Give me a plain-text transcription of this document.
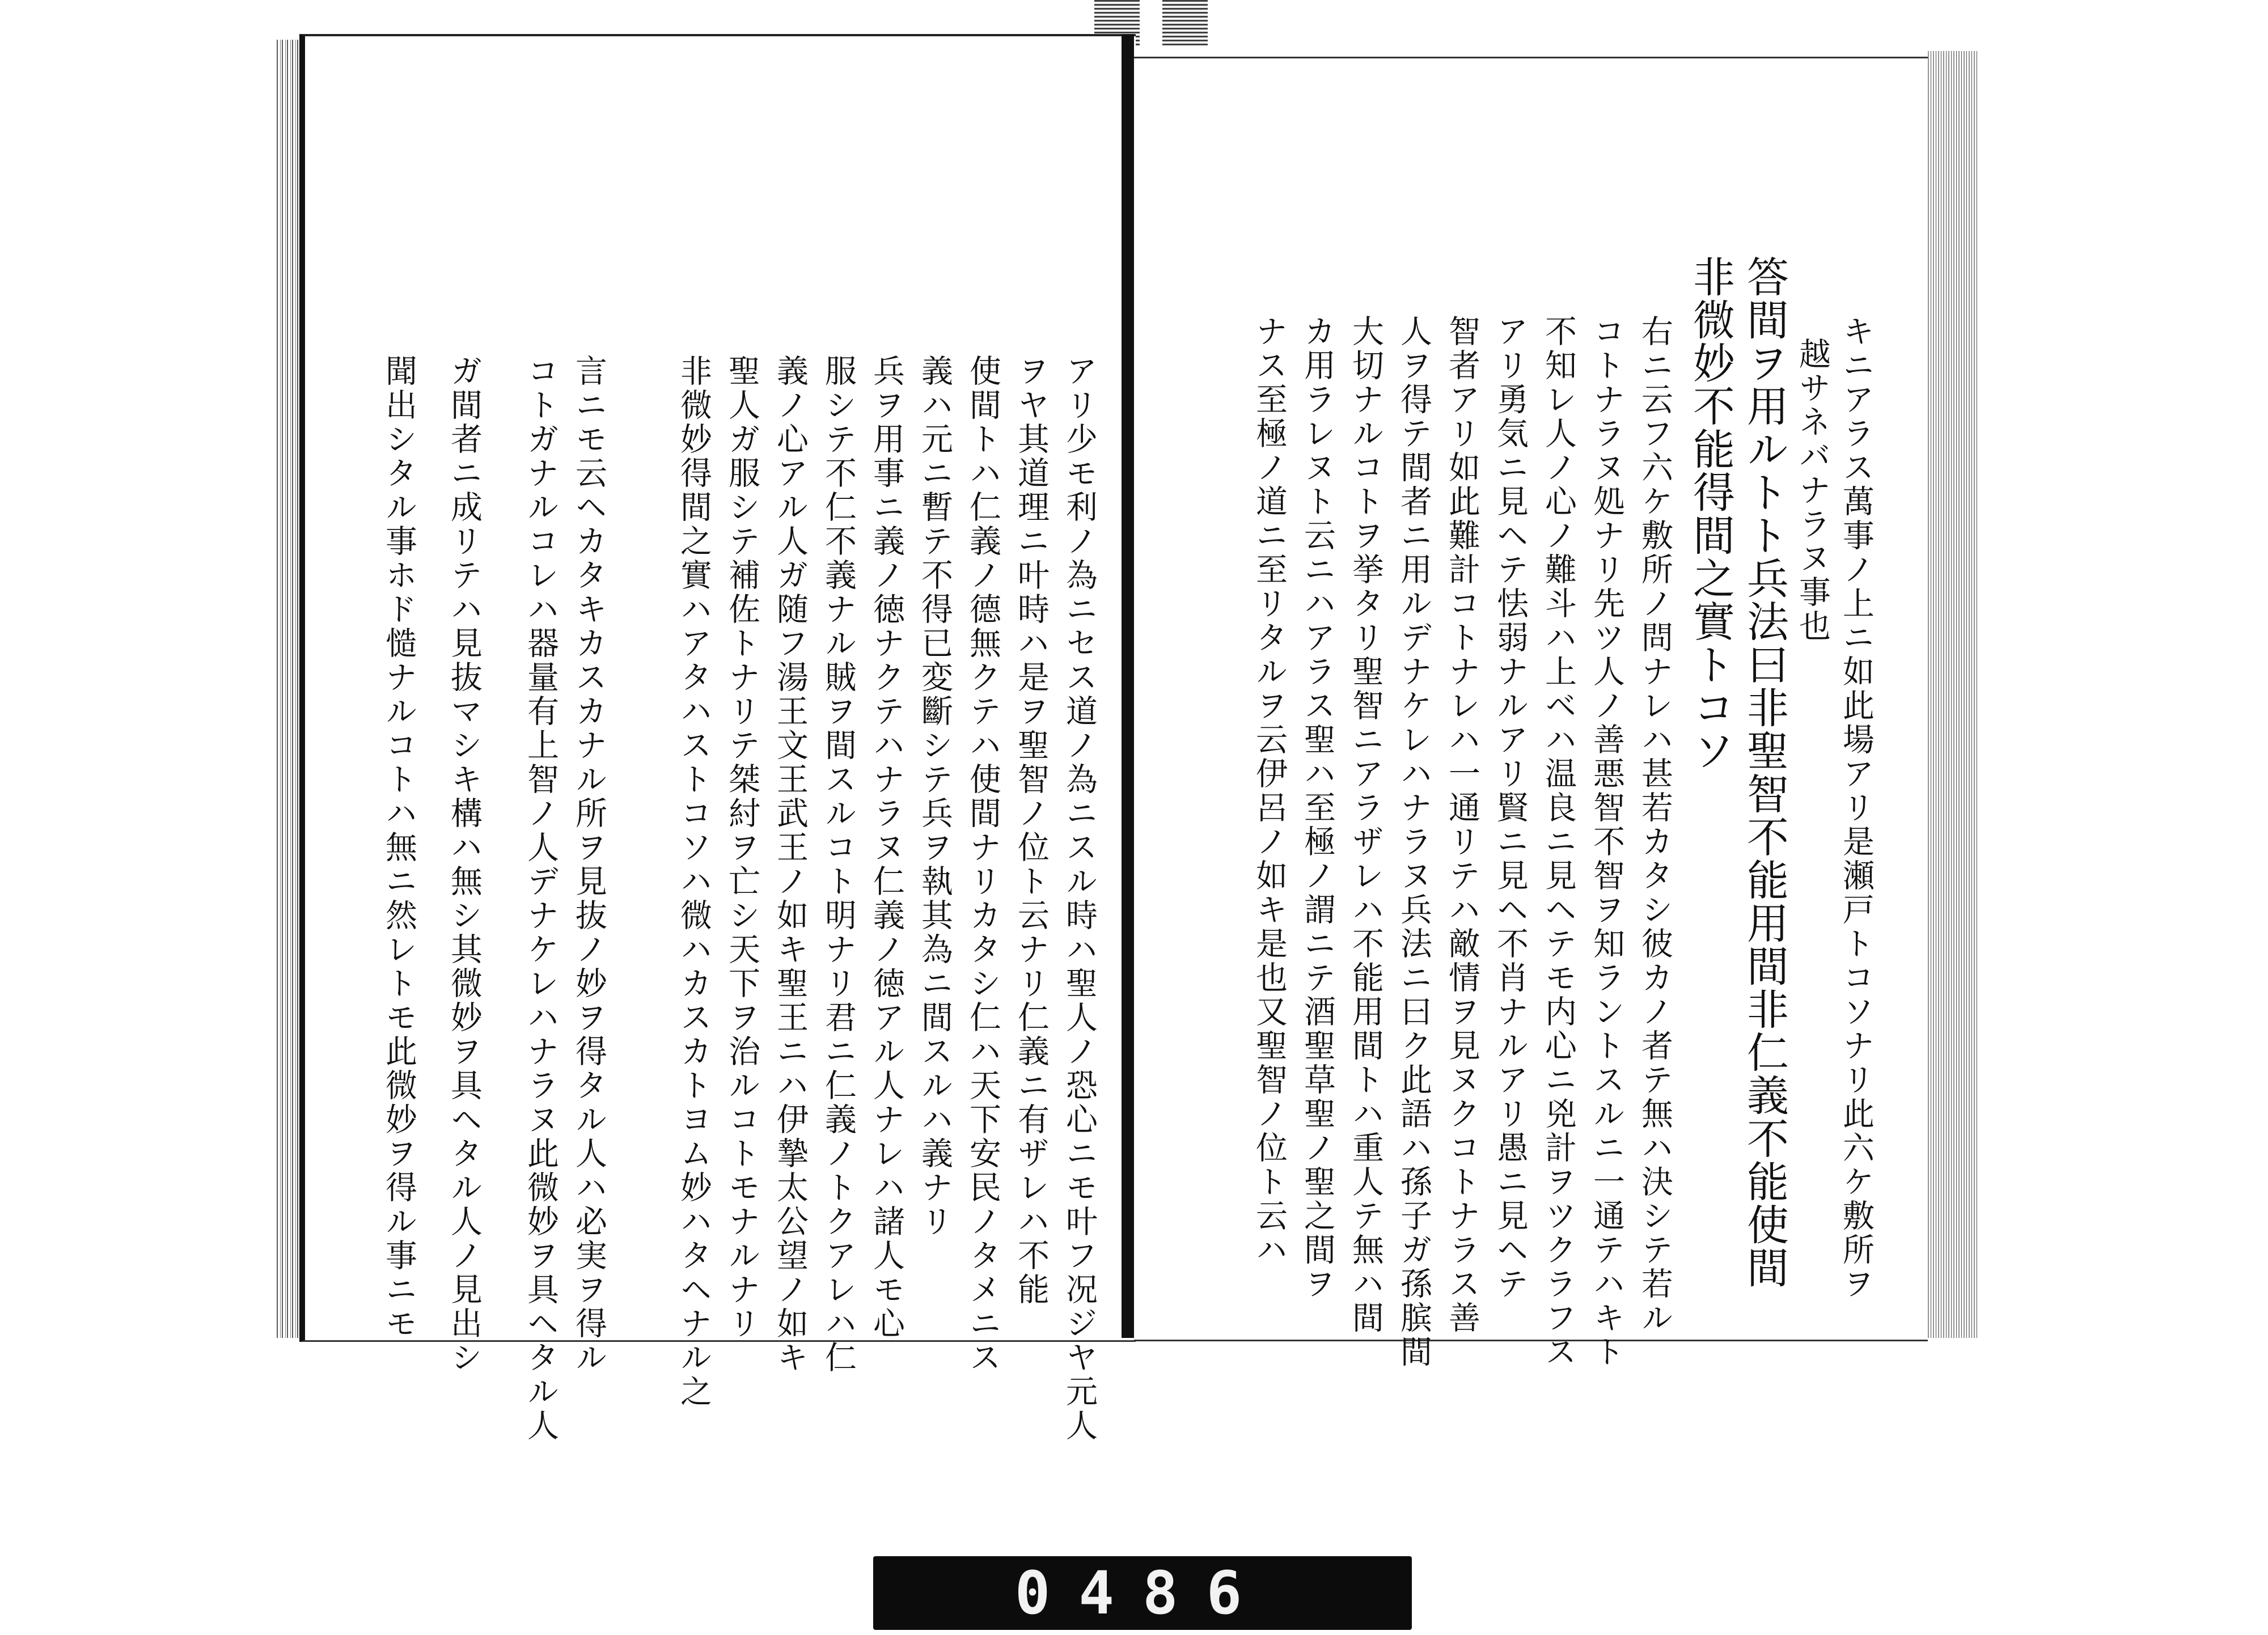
キニアラス萬事ノ上ニ如此場アリ是瀬戸トコソナリ此六ケ敷所ヲ
越サネバナラヌ事也
答間ヲ用ルトト兵法曰非聖智不能用間非仁義不能使間
非微妙不能得間之實トコソ
右ニ云フ六ケ敷所ノ問ナレハ甚若カタシ彼カノ者テ無ハ決シテ若ル
コトナラヌ処ナリ先ツ人ノ善悪智不智ヲ知ラントスルニ一通テハキト
不知レ人ノ心ノ難斗ハ上ベハ温良ニ見ヘテモ内心ニ兇計ヲツクラフス
アリ勇気ニ見ヘテ怯弱ナルアリ賢ニ見ヘ不肖ナルアリ愚ニ見ヘテ
智者アリ如此難計コトナレハ一通リテハ敵情ヲ見ヌクコトナラス善
人ヲ得テ間者ニ用ルデナケレハナラヌ兵法ニ曰ク此語ハ孫子ガ孫膑間
大切ナルコトヲ挙タリ聖智ニアラザレハ不能用間トハ重人テ無ハ間
カ用ラレヌト云ニハアラス聖ハ至極ノ謂ニテ酒聖草聖ノ聖之間ヲ
ナス至極ノ道ニ至リタルヲ云伊呂ノ如キ是也又聖智ノ位ト云ハ
アリ少モ利ノ為ニセス道ノ為ニスル時ハ聖人ノ恐心ニモ叶フ况ジヤ元人
ヲヤ其道理ニ叶時ハ是ヲ聖智ノ位ト云ナリ仁義ニ有ザレハ不能
使間トハ仁義ノ德無クテハ使間ナリカタシ仁ハ天下安民ノタメニス
義ハ元ニ暫テ不得已変斷シテ兵ヲ執其為ニ間スルハ義ナリ
兵ヲ用事ニ義ノ徳ナクテハナラヌ仁義ノ徳アル人ナレハ諸人モ心
服シテ不仁不義ナル賊ヲ間スルコト明ナリ君ニ仁義ノトクアレハ仁
義ノ心アル人ガ随フ湯王文王武王ノ如キ聖王ニハ伊摯太公望ノ如キ
聖人ガ服シテ補佐トナリテ桀紂ヲ亡シ天下ヲ治ルコトモナルナリ
非微妙得間之實ハアタハストコソハ微ハカスカトヨム妙ハタヘナル之
言ニモ云ヘカタキカスカナル所ヲ見抜ノ妙ヲ得タル人ハ必実ヲ得ル
コトガナルコレハ器量有上智ノ人デナケレハナラヌ此微妙ヲ具ヘタル人
ガ間者ニ成リテハ見抜マシキ構ハ無シ其微妙ヲ具ヘタル人ノ見出シ
聞出シタル事ホド慥ナルコトハ無ニ然レトモ此微妙ヲ得ル事ニモ
0486
